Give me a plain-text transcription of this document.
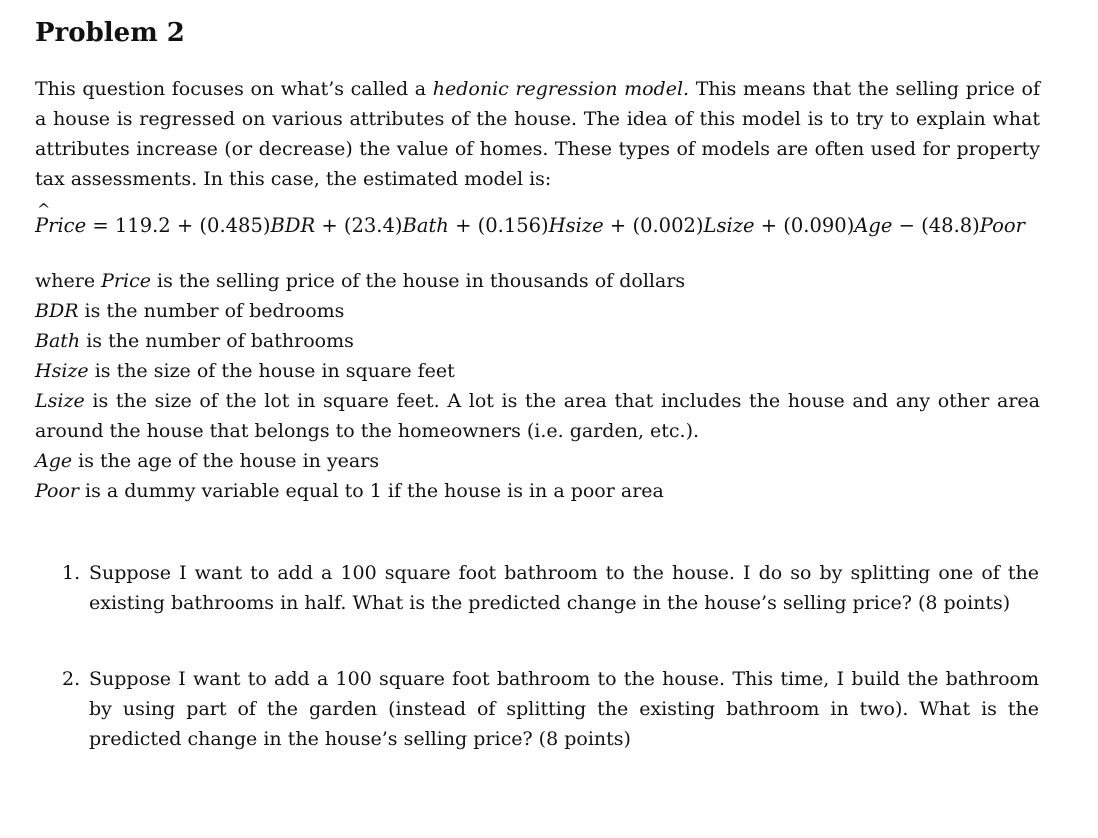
Problem 2
This question focuses on what’s called a hedonic regression model. This means that the selling price of a house is regressed on various attributes of the house. The idea of this model is to try to explain what attributes increase (or decrease) the value of homes. These types of models are often used for property tax assessments. In this case, the estimated model is:
^
Price = 119.2 + (0.485)BDR + (23.4)Bath + (0.156)Hsize + (0.002)Lsize + (0.090)Age − (48.8)Poor
where Price is the selling price of the house in thousands of dollars
BDR is the number of bedrooms
Bath is the number of bathrooms
Hsize is the size of the house in square feet
Lsize is the size of the lot in square feet. A lot is the area that includes the house and any other area around the house that belongs to the homeowners (i.e. garden, etc.).
Age is the age of the house in years
Poor is a dummy variable equal to 1 if the house is in a poor area
1. Suppose I want to add a 100 square foot bathroom to the house. I do so by splitting one of the existing bathrooms in half. What is the predicted change in the house’s selling price? (8 points)
2. Suppose I want to add a 100 square foot bathroom to the house. This time, I build the bathroom by using part of the garden (instead of splitting the existing bathroom in two). What is the predicted change in the house’s selling price? (8 points)
